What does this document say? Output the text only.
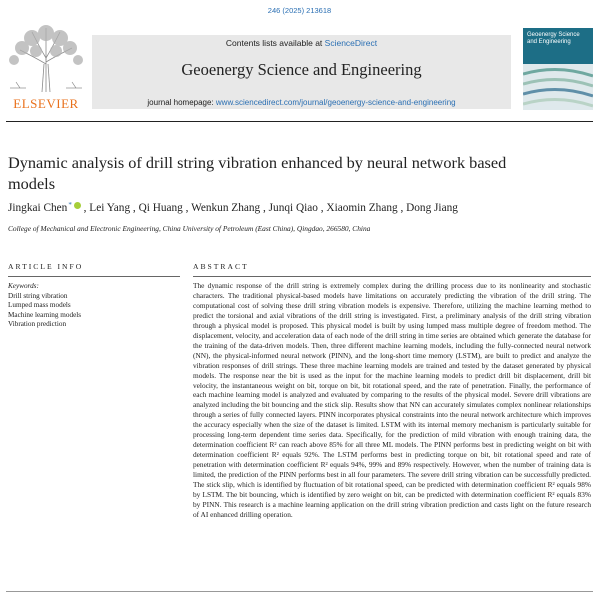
246 (2025) 213618
ELSEVIER
Contents lists available at ScienceDirect
Geoenergy Science and Engineering
journal homepage: www.sciencedirect.com/journal/geoenergy-science-and-engineering
Geoenergy Science and Engineering
Dynamic analysis of drill string vibration enhanced by neural network based models
Jingkai Chen* , Lei Yang , Qi Huang , Wenkun Zhang , Junqi Qiao , Xiaomin Zhang , Dong Jiang
College of Mechanical and Electronic Engineering, China University of Petroleum (East China), Qingdao, 266580, China
ARTICLE INFO
Keywords:
Drill string vibration
Lumped mass models
Machine learning models
Vibration prediction
ABSTRACT

The dynamic response of the drill string is extremely complex during the drilling process due to its nonlinearity and stochastic characters. The traditional physical-based models have limitations on accurately predicting the vibration of the drill string. The computational cost of solving these drill string vibration models is expensive. Therefore, utilizing the machine learning method to predict the torsional and axial vibrations of the drill string is investigated. First, a preliminary analysis of the drill string vibration through a physical model is proposed. This physical model is built by using lumped mass multiple degree of freedom method. The displacement, velocity, and acceleration data of each node of the drill string in time series are obtained which generate the database for the training of the data-driven models. Then, three different machine learning models, including the fully-connected neural network (NN), the physical-informed neural network (PINN), and the long-short time memory (LSTM), are built to predict and analyze the vibration responses of drill strings. These three machine learning models are trained and tested by the dataset generated by physical models. The response near the bit is used as the input for the machine learning models to predict drill bit displacement, drill bit velocity, the instantaneous weight on bit, torque on bit, bit rotational speed, and the rate of penetration. Finally, the performance of each machine learning model is analyzed and evaluated by comparing to the results of the physical model. Severe drill vibrations are analyzed including the bit bouncing and the stick slip. Results show that NN can accurately simulates complex nonlinear relationships through a series of fully connected layers. PINN incorporates physical constraints into the neural network architecture which improves the accuracy especially when the size of the dataset is limited. LSTM with its internal memory mechanism is particularly suitable for processing long-term dependent time series data. Specifically, for the prediction of mild vibration with enough training data, the determination coefficient R² can reach above 85% for all three ML models. The PINN performs best in predicting weight on bit with determination coefficient R² equals 92%. The LSTM performs best in predicting torque on bit, bit rotational speed and rate of penetration with determination coefficient R² equals 94%, 99% and 89% respectively. However, when the number of training data is limited, the prediction of the PINN performs best in all four parameters. The severe drill string vibration can be successfully predicted. The stick slip, which is identified by fluctuation of bit rotational speed, can be predicted with determination coefficient R² equals 98% by LSTM. The bit bouncing, which is identified by zero weight on bit, can be predicted with determination coefficient R² equals 83% by PINN. This research is a machine learning application on the drill string vibration prediction and casts light on the future research of AI enhanced drilling operation.
